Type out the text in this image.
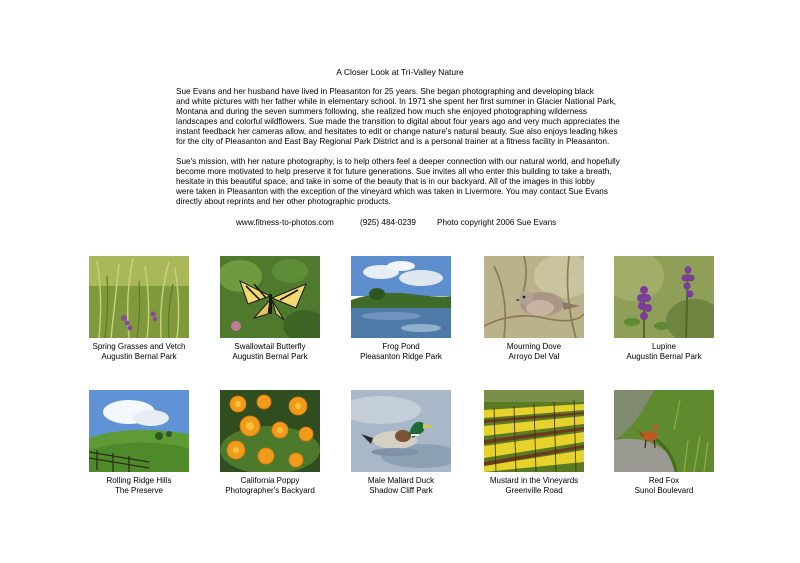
A Closer Look at Tri-Valley Nature

Sue Evans and her husband have lived in Pleasanton for 25 years. She began photographing and developing black
and white pictures with her father while in elementary school. In 1971 she spent her first summer in Glacier National Park,
Montana and during the seven summers following, she realized how much she enjoyed photographing wilderness
landscapes and colorful wildflowers. Sue made the transition to digital about four years ago and very much appreciates the
instant feedback her cameras allow, and hesitates to edit or change nature's natural beauty. Sue also enjoys leading hikes
for the city of Pleasanton and East Bay Regional Park District and is a personal trainer at a fitness facility in Pleasanton.

Sue's mission, with her nature photography, is to help others feel a deeper connection with our natural world, and hopefully
become more motivated to help preserve it for future generations. Sue invites all who enter this building to take a breath,
hesitate in this beautiful space, and take in some of the beauty that is in our backyard. All of the images in this lobby
were taken in Pleasanton with the exception of the vineyard which was taken in Livermore. You may contact Sue Evans
directly about reprints and her other photographic products.

www.fitness-to-photos.com	(925) 484-0239	Photo copyright 2006 Sue Evans
Spring Grasses and Vetch
Augustin Bernal Park
Swallowtail Butterfly
Augustin Bernal Park
Frog Pond
Pleasanton Ridge Park
Mourning Dove
Arroyo Del Val
Lupine
Augustin Bernal Park
Rolling Ridge Hills
The Preserve
California Poppy
Photographer's Backyard
Male Mallard Duck
Shadow Cliff Park
Mustard in the Vineyards
Greenville Road
Red Fox
Sunol Boulevard
